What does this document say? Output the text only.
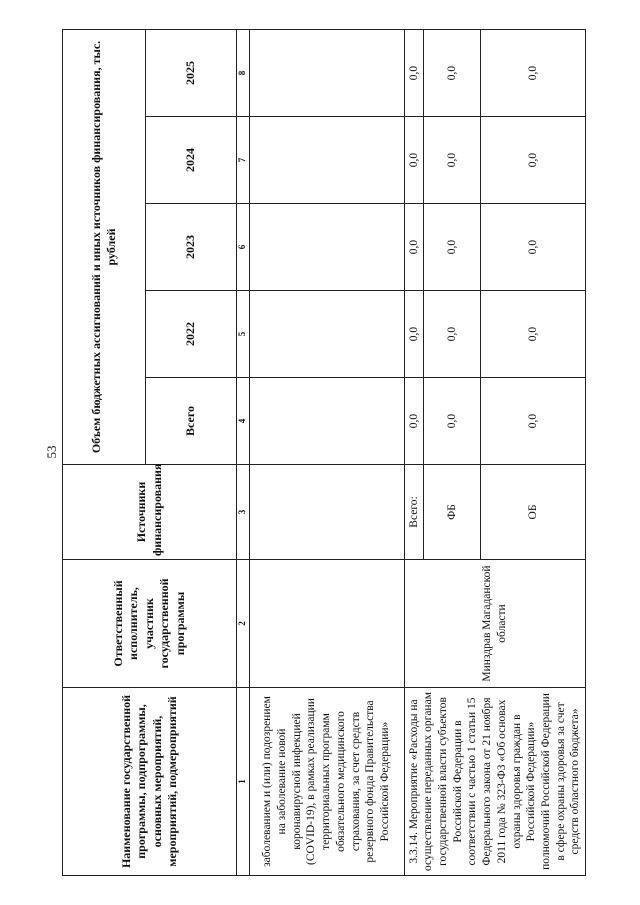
53
Наименование государственной программы, подпрограммы, основных мероприятий, мероприятий, подмероприятий	Ответственный исполнитель, участник государственной программы	Источники финансирования	Объем бюджетных ассигнований и иных источников финансирования, тыс. рублей				
			Всего	2022	2023	2024	2025
1	2	3	4	5	6	7	8
заболеванием и (или) подозрением на заболевание новой коронавирусной инфекцией (COVID-19), в рамках реализации территориальных программ обязательного медицинского страхования, за счет средств резервного фонда Правительства Российской Федерации»							
3.3.14. Мероприятие «Расходы на осуществление переданных органам государственной власти субъектов Российской Федерации в соответствии с частью 1 статьи 15 Федерального закона от 21 ноября 2011 года № 323-ФЗ «Об основах охраны здоровья граждан в Российской Федерации» полномочий Российской Федерации в сфере охраны здоровья за счет средств областного бюджета»	Минздрав Магаданской области	Всего:	0,0	0,0	0,0	0,0	0,0
		ФБ	0,0	0,0	0,0	0,0	0,0
		ОБ	0,0	0,0	0,0	0,0	0,0
